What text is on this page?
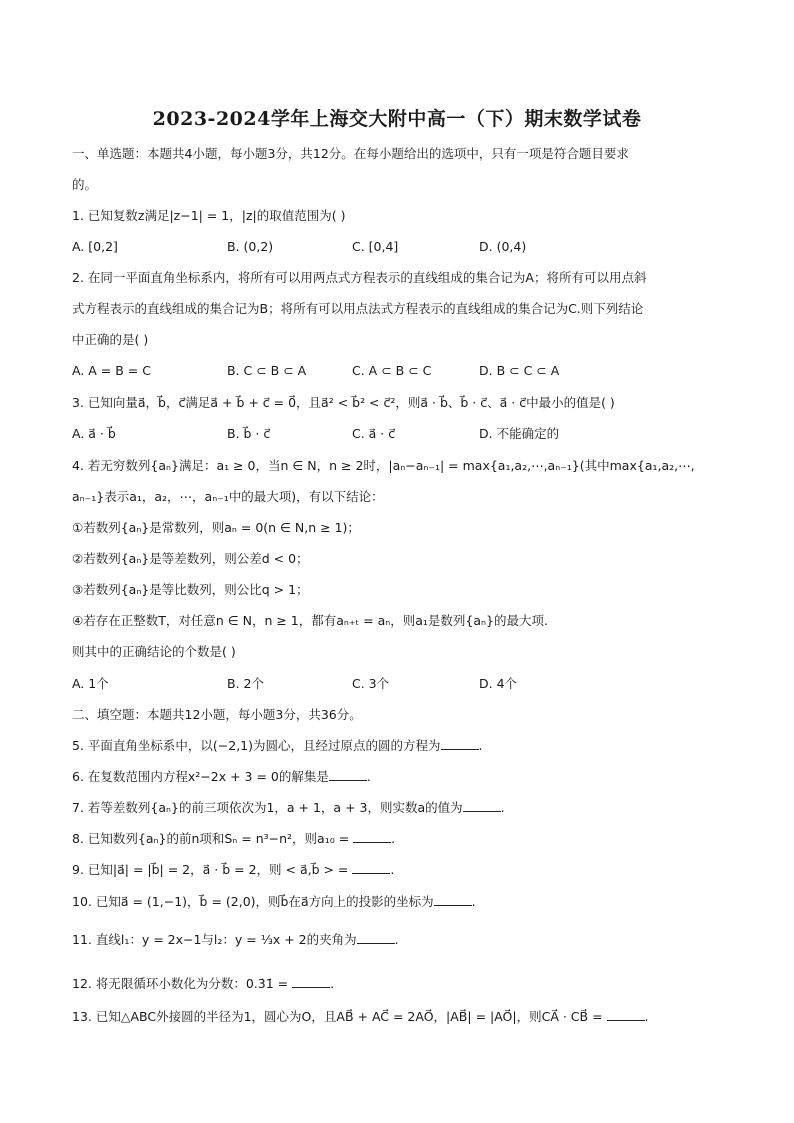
2023-2024学年上海交大附中高一（下）期末数学试卷
一、单选题：本题共4小题，每小题3分，共12分。在每小题给出的选项中，只有一项是符合题目要求
的。
1. 已知复数z满足|z−1| = 1，|z|的取值范围为( )
A. [0,2]	B. (0,2)	C. [0,4]	D. (0,4)
2. 在同一平面直角坐标系内，将所有可以用两点式方程表示的直线组成的集合记为A；将所有可以用点斜
式方程表示的直线组成的集合记为B；将所有可以用点法式方程表示的直线组成的集合记为C.则下列结论
中正确的是( )
A. A = B = C	B. C ⊂ B ⊂ A	C. A ⊂ B ⊂ C	D. B ⊂ C ⊂ A
3. 已知向量a⃗，b⃗，c⃗满足a⃗ + b⃗ + c⃗ = 0⃗，且a⃗² < b⃗² < c⃗²，则a⃗ · b⃗、b⃗ · c⃗、a⃗ · c⃗中最小的值是( )
A. a⃗ · b⃗	B. b⃗ · c⃗	C. a⃗ · c⃗	D. 不能确定的
4. 若无穷数列{aₙ}满足：a₁ ≥ 0，当n ∈ N，n ≥ 2时，|aₙ−aₙ₋₁| = max{a₁,a₂,⋯,aₙ₋₁}(其中max{a₁,a₂,⋯,
aₙ₋₁}表示a₁，a₂，⋯，aₙ₋₁中的最大项)，有以下结论：
①若数列{aₙ}是常数列，则aₙ = 0(n ∈ N,n ≥ 1)；
②若数列{aₙ}是等差数列，则公差d < 0；
③若数列{aₙ}是等比数列，则公比q > 1；
④若存在正整数T，对任意n ∈ N，n ≥ 1，都有aₙ₊ₜ = aₙ，则a₁是数列{aₙ}的最大项.
则其中的正确结论的个数是( )
A. 1个	B. 2个	C. 3个	D. 4个
二、填空题：本题共12小题，每小题3分，共36分。
5. 平面直角坐标系中，以(−2,1)为圆心，且经过原点的圆的方程为	.
6. 在复数范围内方程x²−2x + 3 = 0的解集是	.
7. 若等差数列{aₙ}的前三项依次为1，a + 1，a + 3，则实数a的值为	.
8. 已知数列{aₙ}的前n项和Sₙ = n³−n²，则a₁₀ =	.
9. 已知|a⃗| = |b⃗| = 2，a⃗ · b⃗ = 2，则 < a⃗,b⃗ > =	.
10. 已知a⃗ = (1,−1)，b⃗ = (2,0)，则b⃗在a⃗方向上的投影的坐标为	.
11. 直线l₁：y = 2x−1与l₂：y = ⅓x + 2的夹角为	.
12. 将无限循环小数化为分数：0.3̇1̇ =	.
13. 已知△ABC外接圆的半径为1，圆心为O，且AB⃗ + AC⃗ = 2AO⃗，|AB⃗| = |AO⃗|，则CA⃗ · CB⃗ =	.
